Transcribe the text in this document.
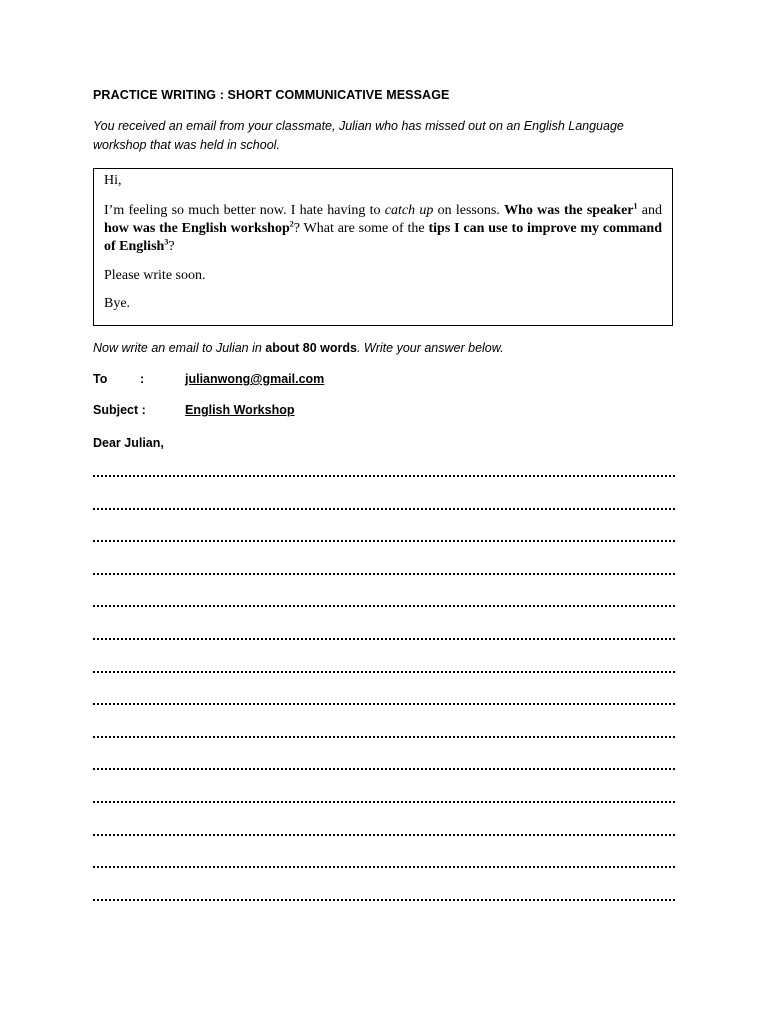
PRACTICE WRITING : SHORT COMMUNICATIVE MESSAGE
You received an email from your classmate, Julian who has missed out on an English Language workshop that was held in school.

Hi,

I’m feeling so much better now. I hate having to catch up on lessons. Who was the speaker$^1$ and how was the English workshop$^2$? What are some of the tips I can use to improve my command of English$^3$?

Please write soon.

Bye.

Now write an email to Julian in about 80 words. Write your answer below.
To	:	julianwong@gmail.com
Subject :	English Workshop
Dear Julian,
